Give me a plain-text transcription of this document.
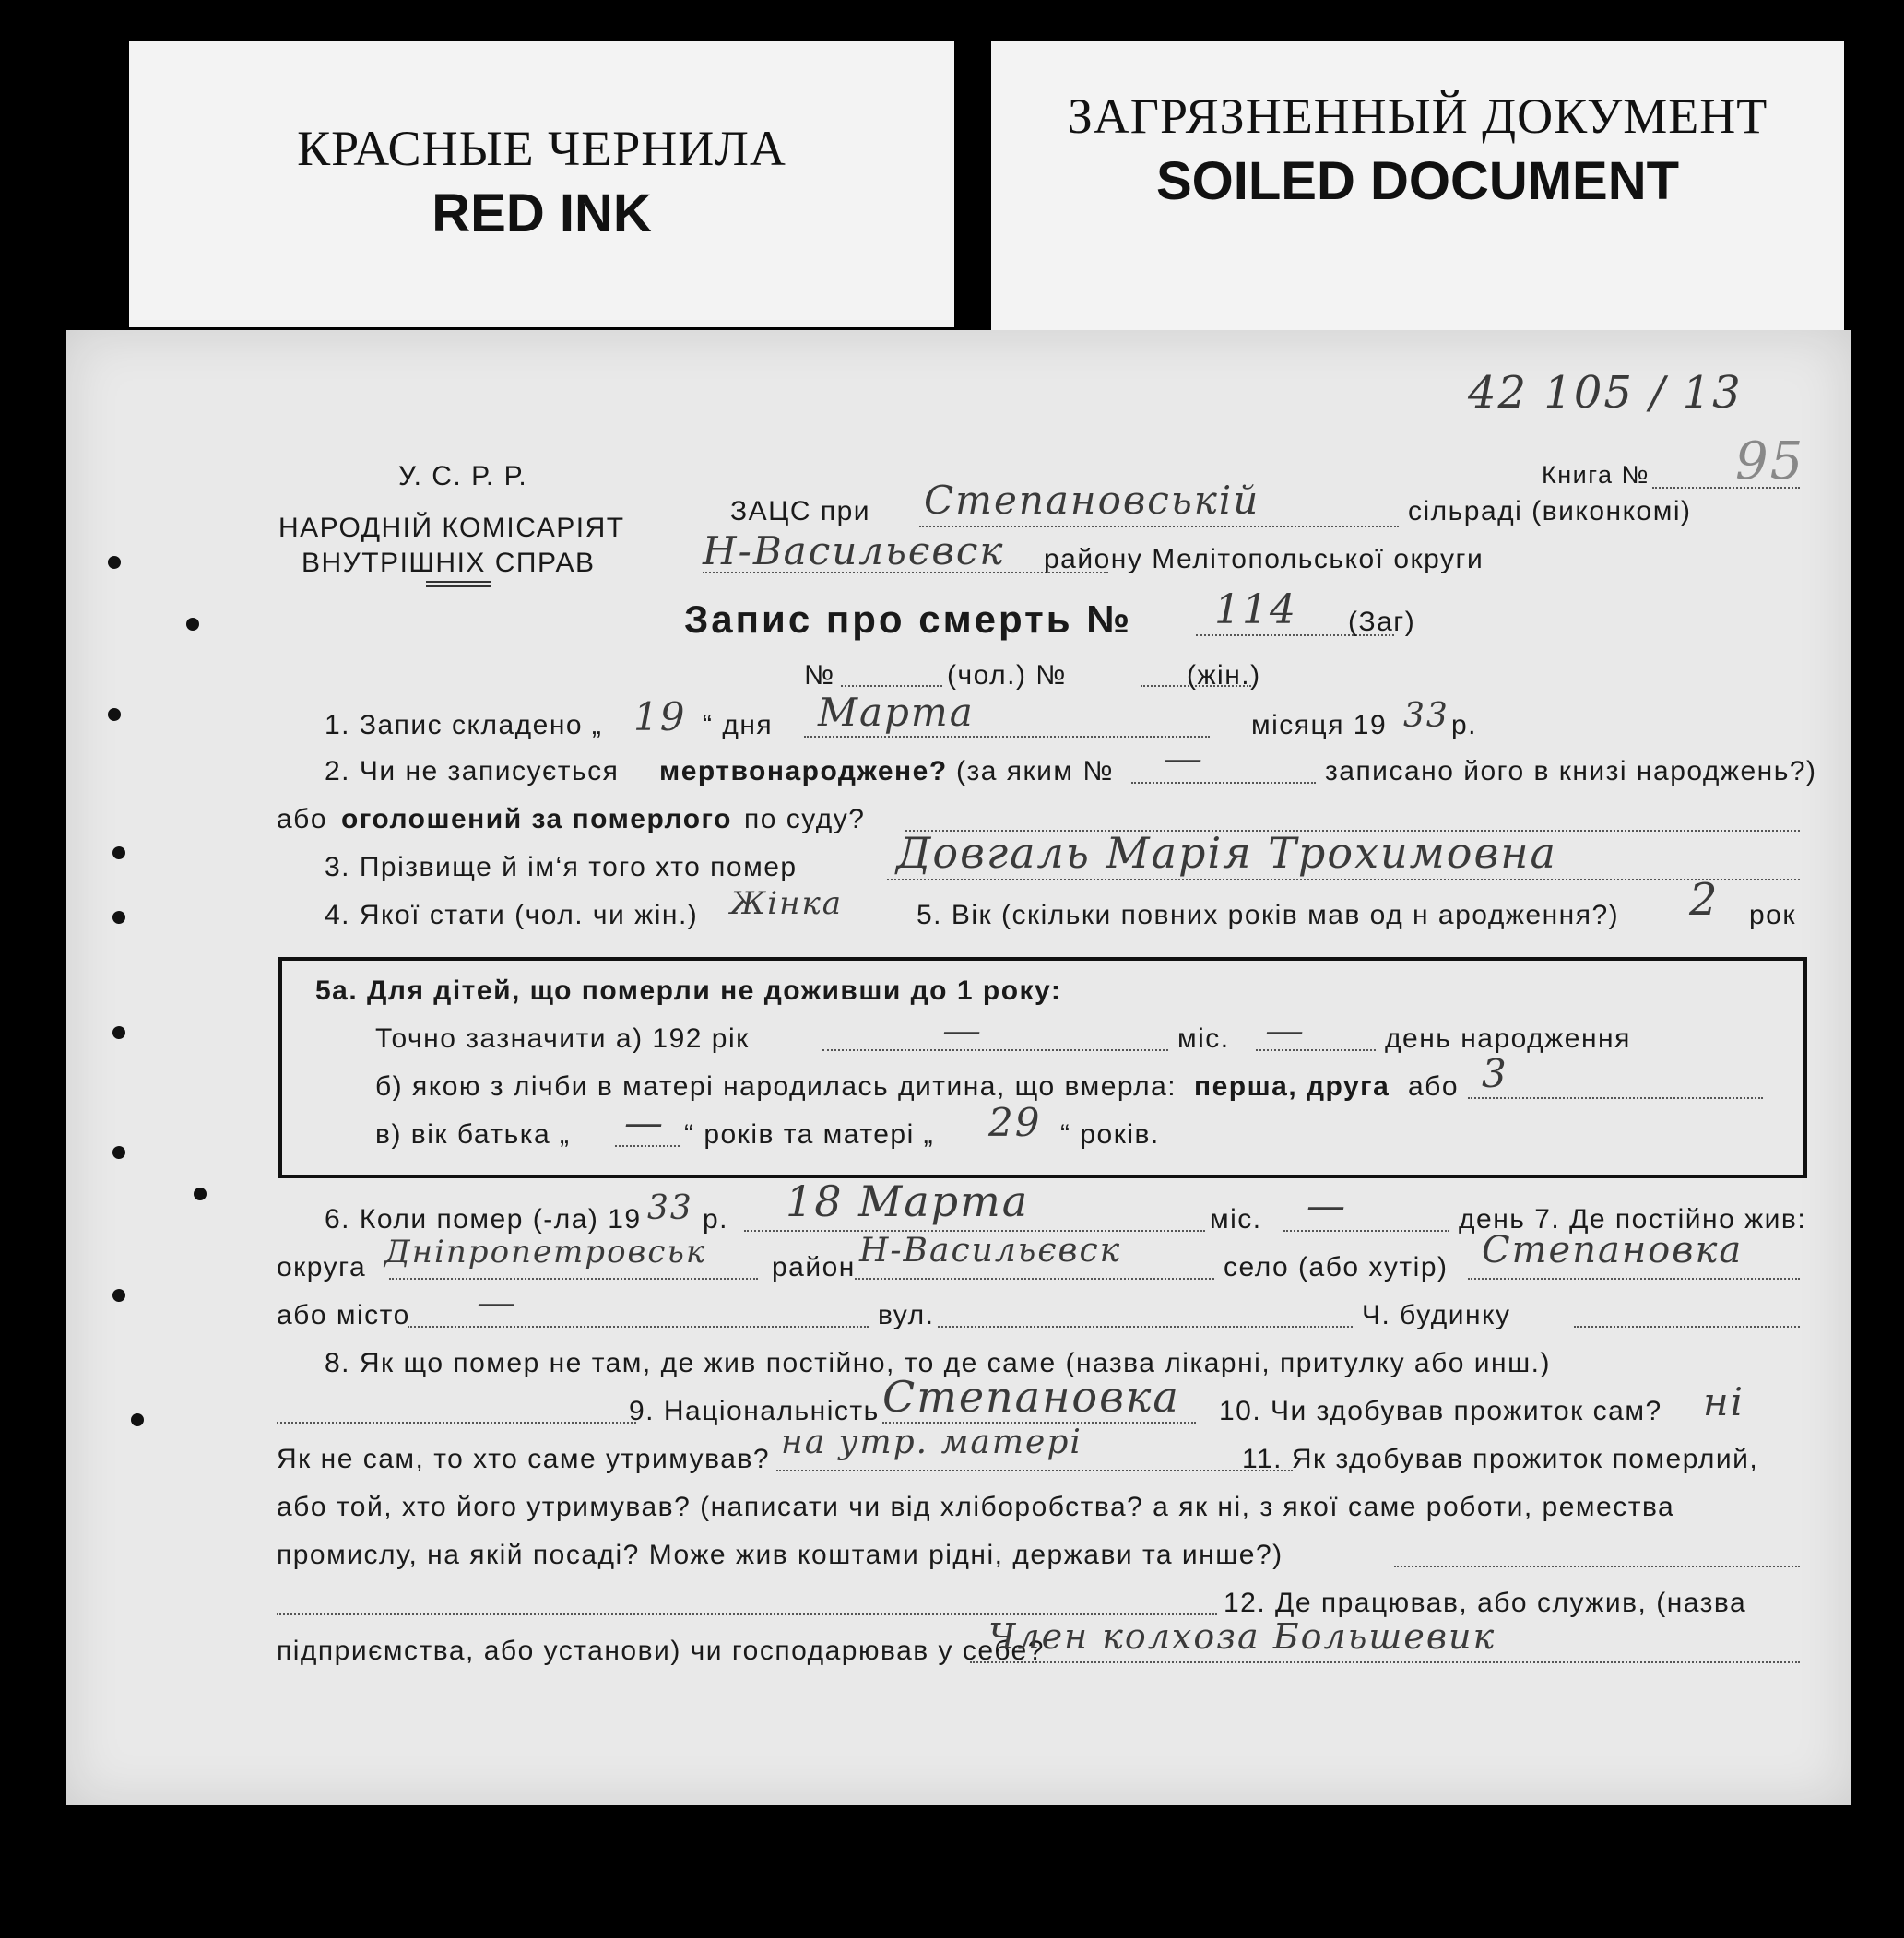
КРАСНЫЕ ЧЕРНИЛА
RED INK
ЗАГРЯЗНЕННЫЙ ДОКУМЕНТ
SOILED DOCUMENT
42 105 / 13
У. С. Р. Р.
НАРОДНІЙ КОМІСАРІЯТ
ВНУТРІШНІХ СПРАВ
ЗАЦС при Степановській	сільраді (виконкомі)
Н-Васильєвск району Мелітопольської округи
Книга № 95
Запис про смерть № 114 (Заг)
№	(чол.) №	(жін.)
1. Запис складено „ 19 “ дня Марта	місяця 19 33 р.
2. Чи не записується мертвонароджене? (за яким № —	записано його в книзі народжень?)
або оголошений за померлого по суду?
3. Прізвище й ім‘я того хто помер Довгаль Марія Трохимовна
4. Якої стати (чол. чи жін.) Жінка	5. Вік (скільки повних років мав од н ародження?) 2 рок
5а. Для дітей, що померли не доживши до 1 року:
Точно зазначити а) 192 рік	—	міс. —	день народження
б) якою з лічби в матері народилась дитина, що вмерла: перша, друга або 3
в) вік батька „ — “ років та матері „ 29 “ років.
6. Коли помер (-ла) 19 33 р. 18 Марта	міс. —	день 7. Де постійно жив:
округа Дніпропетровськ район Н-Васильєвск	село (або хутір) Степановка
або місто —	вул.	Ч. будинку
8. Як що помер не там, де жив постійно, то де саме (назва лікарні, притулку або инш.)
9. Національність Степановка 10. Чи здобував прожиток сам? ні
Як не сам, то хто саме утримував? на утр. матері	11. Як здобував прожиток померлий,
або той, хто його утримував? (написати чи від хліборобства? а як ні, з якої саме роботи, ремества
промислу, на якій посаді? Може жив коштами рідні, держави та инше?)
12. Де працював, або служив, (назва
підприємства, або установи) чи господарював у себе?
Член колхоза Большевик
